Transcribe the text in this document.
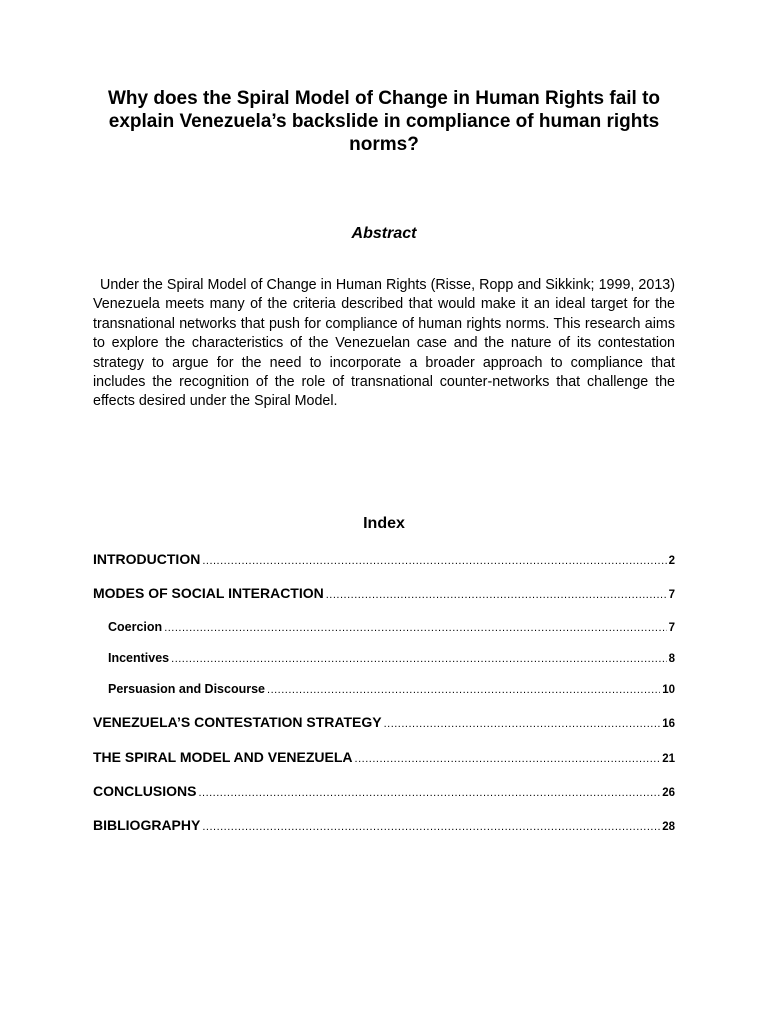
Why does the Spiral Model of Change in Human Rights fail to explain Venezuela’s backslide in compliance of human rights norms?
Abstract

Under the Spiral Model of Change in Human Rights (Risse, Ropp and Sikkink; 1999, 2013) Venezuela meets many of the criteria described that would make it an ideal target for the transnational networks that push for compliance of human rights norms. This research aims to explore the characteristics of the Venezuelan case and the nature of its contestation strategy to argue for the need to incorporate a broader approach to compliance that includes the recognition of the role of transnational counter-networks that challenge the effects desired under the Spiral Model.

Index
INTRODUCTION .....	2
MODES OF SOCIAL INTERACTION .....	7
Coercion .....	7
Incentives .....	8
Persuasion and Discourse .....	10
VENEZUELA’S CONTESTATION STRATEGY .....	16
THE SPIRAL MODEL AND VENEZUELA .....	21
CONCLUSIONS .....	26
BIBLIOGRAPHY .....	28
